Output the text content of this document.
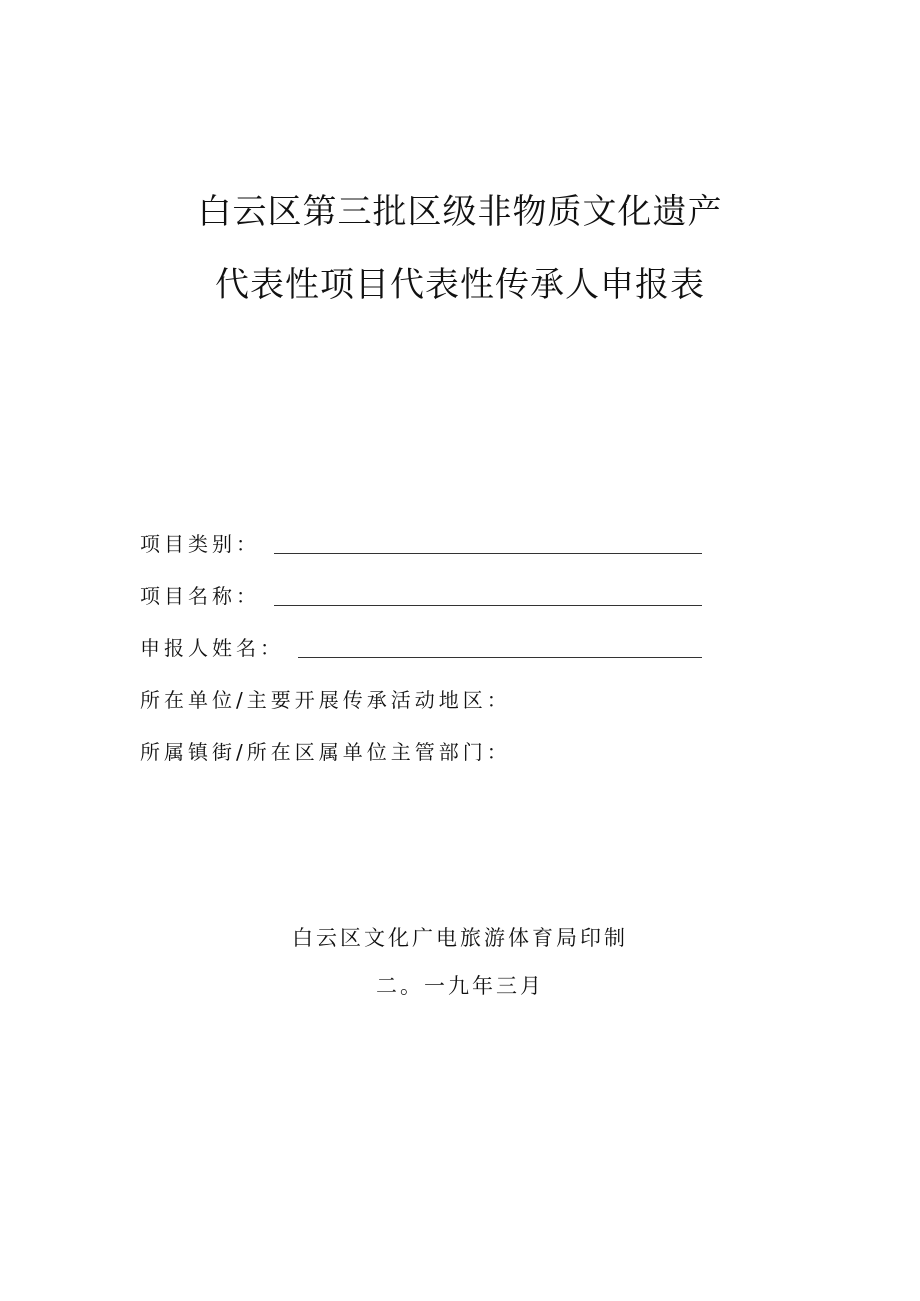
白云区第三批区级非物质文化遗产
代表性项目代表性传承人申报表
项目类别：
项目名称：
申报人姓名：
所在单位/主要开展传承活动地区：
所属镇街/所在区属单位主管部门：
白云区文化广电旅游体育局印制
二。一九年三月
